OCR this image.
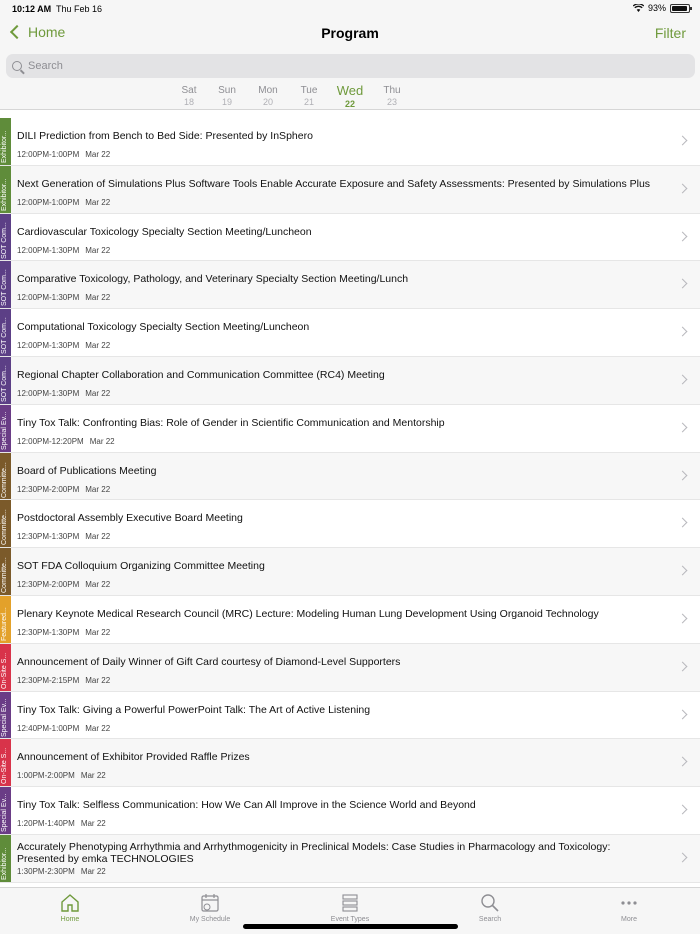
10:12 AM Thu Feb 16	93%
Home	Program	Filter
Search
Sat
18
Sun
19
Mon
20
Tue
21
Wed
22
Thu
23
Exhibitor... DILI Prediction from Bench to Bed Side: Presented by InSphero
12:00PM-1:00PM Mar 22
Exhibitor... Next Generation of Simulations Plus Software Tools Enable Accurate Exposure and Safety Assessments: Presented by Simulations Plus
12:00PM-1:00PM Mar 22
SOT Com... Cardiovascular Toxicology Specialty Section Meeting/Luncheon
12:00PM-1:30PM Mar 22
SOT Com... Comparative Toxicology, Pathology, and Veterinary Specialty Section Meeting/Lunch
12:00PM-1:30PM Mar 22
SOT Com... Computational Toxicology Specialty Section Meeting/Luncheon
12:00PM-1:30PM Mar 22
SOT Com... Regional Chapter Collaboration and Communication Committee (RC4) Meeting
12:00PM-1:30PM Mar 22
Special Ev... Tiny Tox Talk: Confronting Bias: Role of Gender in Scientific Communication and Mentorship
12:00PM-12:20PM Mar 22
Committe... Board of Publications Meeting
12:30PM-2:00PM Mar 22
Committe... Postdoctoral Assembly Executive Board Meeting
12:30PM-1:30PM Mar 22
Committe... SOT FDA Colloquium Organizing Committee Meeting
12:30PM-2:00PM Mar 22
Featured... Plenary Keynote Medical Research Council (MRC) Lecture: Modeling Human Lung Development Using Organoid Technology
12:30PM-1:30PM Mar 22
On-Site S... Announcement of Daily Winner of Gift Card courtesy of Diamond-Level Supporters
12:30PM-2:15PM Mar 22
Special Ev... Tiny Tox Talk: Giving a Powerful PowerPoint Talk: The Art of Active Listening
12:40PM-1:00PM Mar 22
On-Site S... Announcement of Exhibitor Provided Raffle Prizes
1:00PM-2:00PM Mar 22
Special Ev... Tiny Tox Talk: Selfless Communication: How We Can All Improve in the Science World and Beyond
1:20PM-1:40PM Mar 22
Exhibitor...
Accurately Phenotyping Arrhythmia and Arrhythmogenicity in Preclinical Models: Case Studies in Pharmacology and Toxicology: Presented by emka TECHNOLOGIES
1:30PM-2:30PM Mar 22
Home	My Schedule	Event Types	Search	More
